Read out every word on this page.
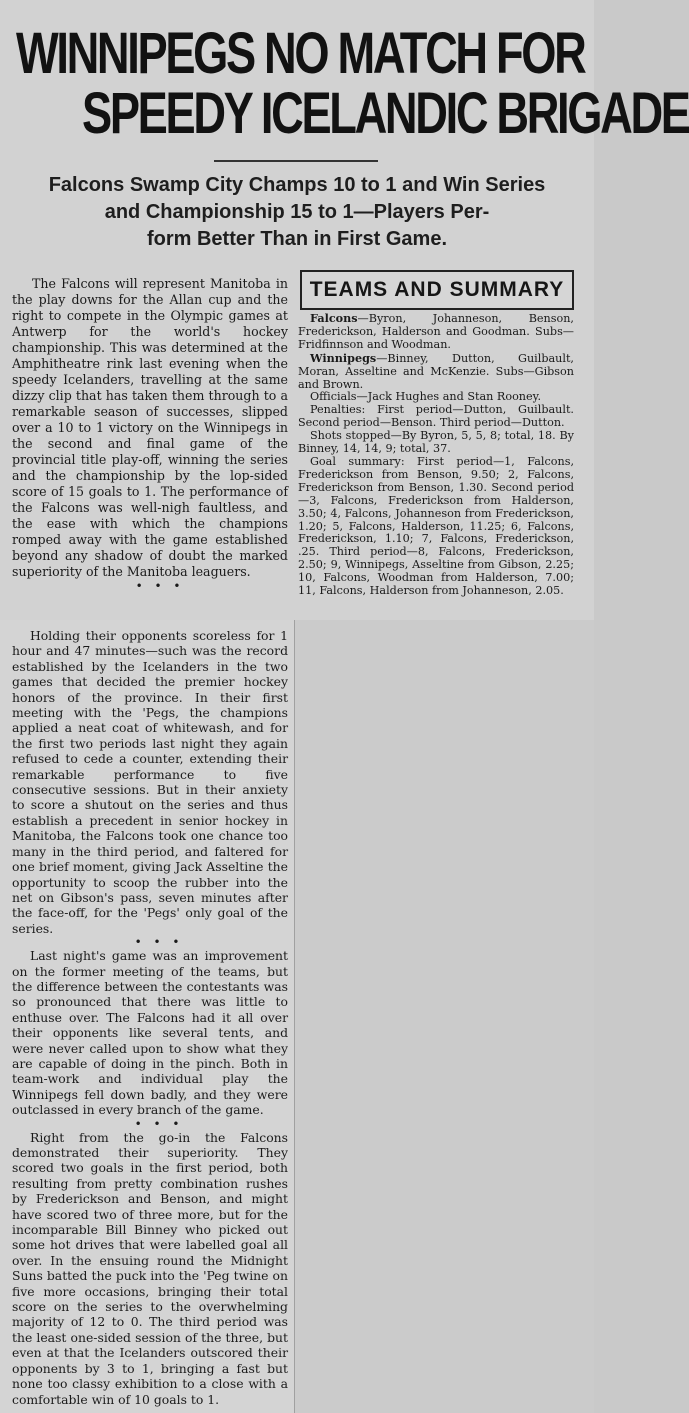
WINNIPEGS NO MATCH FOR
SPEEDY ICELANDIC BRIGADE
Falcons Swamp City Champs 10 to 1 and Win Series
and Championship 15 to 1—Players Per-
form Better Than in First Game.

The Falcons will represent Manitoba in the play downs for the Allan cup and the right to compete in the Olympic games at Antwerp for the world's hockey championship. This was determined at the Amphitheatre rink last evening when the speedy Icelanders, travelling at the same dizzy clip that has taken them through to a remarkable season of successes, slipped over a 10 to 1 victory on the Winnipegs in the second and final game of the provincial title play-off, winning the series and the championship by the lop-sided score of 15 goals to 1. The performance of the Falcons was well-nigh faultless, and the ease with which the champions romped away with the game established beyond any shadow of doubt the marked superiority of the Manitoba leaguers.

• • •

TEAMS AND SUMMARY

Falcons—Byron, Johanneson, Benson, Frederickson, Halderson and Goodman. Subs—Fridfinnson and Woodman.

Winnipegs—Binney, Dutton, Guilbault, Moran, Asseltine and McKenzie. Subs—Gibson and Brown.

Officials—Jack Hughes and Stan Rooney.

Penalties: First period—Dutton, Guilbault. Second period—Benson. Third period—Dutton.

Shots stopped—By Byron, 5, 5, 8; total, 18. By Binney, 14, 14, 9; total, 37.

Goal summary: First period—1, Falcons, Frederickson from Benson, 9.50; 2, Falcons, Frederickson from Benson, 1.30. Second period—3, Falcons, Frederickson from Halderson, 3.50; 4, Falcons, Johanneson from Frederickson, 1.20; 5, Falcons, Halderson, 11.25; 6, Falcons, Frederickson, 1.10; 7, Falcons, Frederickson, .25. Third period—8, Falcons, Frederickson, 2.50; 9, Winnipegs, Asseltine from Gibson, 2.25; 10, Falcons, Woodman from Halderson, 7.00; 11, Falcons, Halderson from Johanneson, 2.05.

Holding their opponents scoreless for 1 hour and 47 minutes—such was the record established by the Icelanders in the two games that decided the premier hockey honors of the province. In their first meeting with the 'Pegs, the champions applied a neat coat of whitewash, and for the first two periods last night they again refused to cede a counter, extending their remarkable performance to five consecutive sessions. But in their anxiety to score a shutout on the series and thus establish a precedent in senior hockey in Manitoba, the Falcons took one chance too many in the third period, and faltered for one brief moment, giving Jack Asseltine the opportunity to scoop the rubber into the net on Gibson's pass, seven minutes after the face-off, for the 'Pegs' only goal of the series.

• • •

Last night's game was an improvement on the former meeting of the teams, but the difference between the contestants was so pronounced that there was little to enthuse over. The Falcons had it all over their opponents like several tents, and were never called upon to show what they are capable of doing in the pinch. Both in team-work and individual play the Winnipegs fell down badly, and they were outclassed in every branch of the game.

• • •

Right from the go-in the Falcons demonstrated their superiority. They scored two goals in the first period, both resulting from pretty combination rushes by Frederickson and Benson, and might have scored two of three more, but for the incomparable Bill Binney who picked out some hot drives that were labelled goal all over. In the ensuing round the Midnight Suns batted the puck into the 'Peg twine on five more occasions, bringing their total score on the series to the overwhelming majority of 12 to 0. The third period was the least one-sided session of the three, but even at that the Icelanders outscored their opponents by 3 to 1, bringing a fast but none too classy exhibition to a close with a comfortable win of 10 goals to 1.
